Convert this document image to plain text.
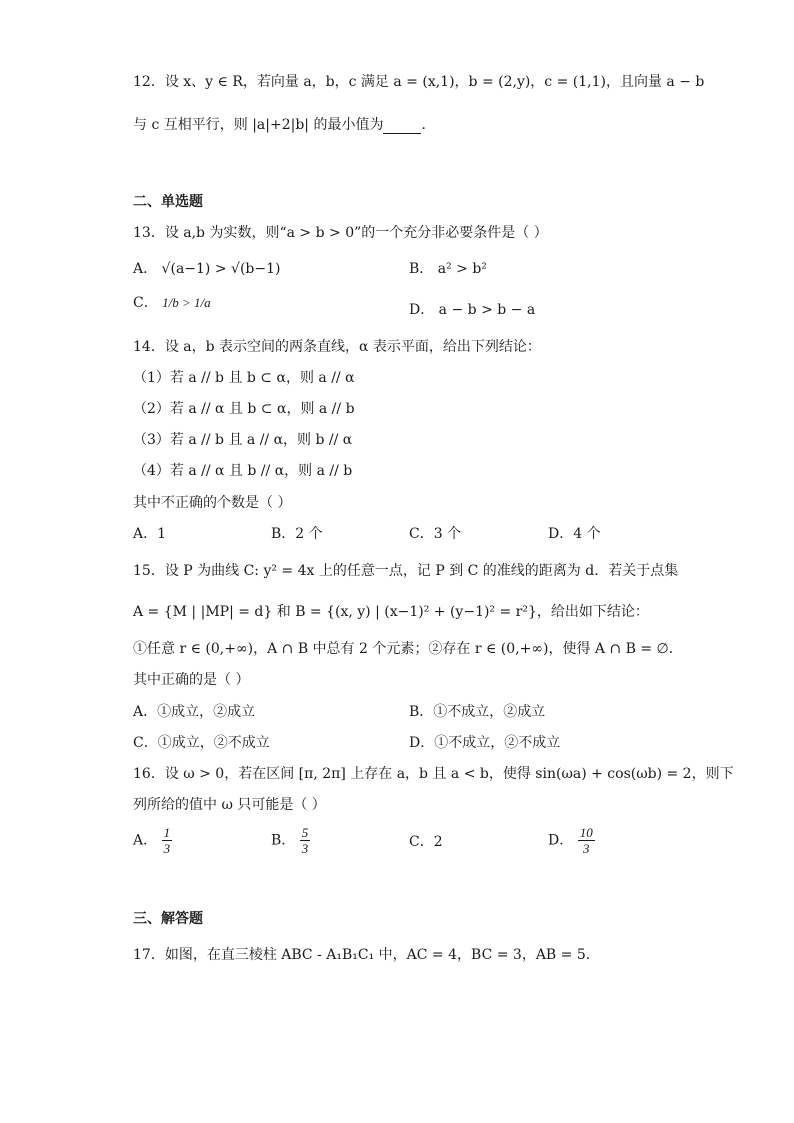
12．设 x、y ∈ R，若向量 a，b，c 满足 a = (x,1)，b = (2,y)，c = (1,1)，且向量 a − b
与 c 互相平行，则 |a|+2|b| 的最小值为	．
二、单选题
13．设 a,b 为实数，则“a > b > 0”的一个充分非必要条件是（ ）
A． √(a−1) > √(b−1)	B． a² > b²
C． 1/b > 1/a	D． a − b > b − a
14．设 a，b 表示空间的两条直线，α 表示平面，给出下列结论：
（1）若 a // b 且 b ⊂ α，则 a // α
（2）若 a // α 且 b ⊂ α，则 a // b
（3）若 a // b 且 a // α，则 b // α
（4）若 a // α 且 b // α，则 a // b
其中不正确的个数是（ ）
A．1	B．2 个	C．3 个	D．4 个
15．设 P 为曲线 C: y² = 4x 上的任意一点，记 P 到 C 的准线的距离为 d．若关于点集
A = {M | |MP| = d} 和 B = {(x, y) | (x−1)² + (y−1)² = r²}，给出如下结论：
①任意 r ∈ (0,+∞)，A ∩ B 中总有 2 个元素；②存在 r ∈ (0,+∞)，使得 A ∩ B = ∅．
其中正确的是（ ）
A．①成立，②成立	B．①不成立，②成立
C．①成立，②不成立	D．①不成立，②不成立
16．设 ω > 0，若在区间 [π, 2π] 上存在 a，b 且 a < b，使得 sin(ωa) + cos(ωb) = 2，则下
列所给的值中 ω 只可能是（ ）
A． $\frac{1}{3}$	B． $\frac{5}{3}$	C．2	D． $\frac{10}{3}$
三、解答题
17．如图，在直三棱柱 ABC - A₁B₁C₁ 中，AC = 4，BC = 3，AB = 5．
